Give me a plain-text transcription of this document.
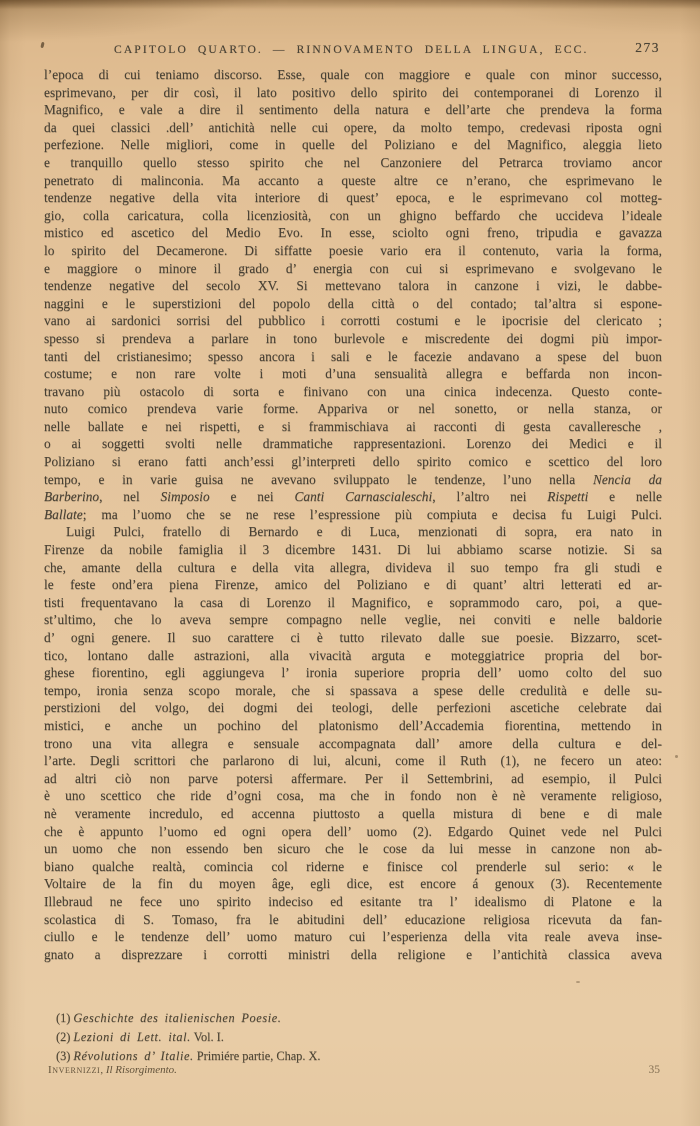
CAPITOLO QUARTO. — RINNOVAMENTO DELLA LINGUA, ECC.	273
l’epoca di cui teniamo discorso. Esse, quale con maggiore e quale con minor successo,
esprimevano, per dir così, il lato positivo dello spirito dei contemporanei di Lorenzo il
Magnifico, e vale a dire il sentimento della natura e dell’arte che prendeva la forma
da quei classici .dell’ antichità nelle cui opere, da molto tempo, credevasi riposta ogni
perfezione. Nelle migliori, come in quelle del Poliziano e del Magnifico, aleggia lieto
e tranquillo quello stesso spirito che nel Canzoniere del Petrarca troviamo ancor
penetrato di malinconia. Ma accanto a queste altre ce n’erano, che esprimevano le
tendenze negative della vita interiore di quest’ epoca, e le esprimevano col motteg-
gio, colla caricatura, colla licenziosità, con un ghigno beffardo che uccideva l’ideale
mistico ed ascetico del Medio Evo. In esse, sciolto ogni freno, tripudia e gavazza
lo spirito del Decamerone. Di siffatte poesie vario era il contenuto, varia la forma,
e maggiore o minore il grado d’ energia con cui si esprimevano e svolgevano le
tendenze negative del secolo XV. Si mettevano talora in canzone i vizi, le dabbe-
naggini e le superstizioni del popolo della città o del contado; tal’altra si espone-
vano ai sardonici sorrisi del pubblico i corrotti costumi e le ipocrisie del clericato ;
spesso si prendeva a parlare in tono burlevole e miscredente dei dogmi più impor-
tanti del cristianesimo; spesso ancora i sali e le facezie andavano a spese del buon
costume; e non rare volte i moti d’una sensualità allegra e beffarda non incon-
travano più ostacolo di sorta e finivano con una cinica indecenza. Questo conte-
nuto comico prendeva varie forme. Appariva or nel sonetto, or nella stanza, or
nelle ballate e nei rispetti, e si frammischiava ai racconti di gesta cavalleresche ,
o ai soggetti svolti nelle drammatiche rappresentazioni. Lorenzo dei Medici e il
Poliziano si erano fatti anch’essi gl’interpreti dello spirito comico e scettico del loro
tempo, e in varie guisa ne avevano sviluppato le tendenze, l’uno nella Nencia da
Barberino, nel Simposio e nei Canti Carnascialeschi, l’altro nei Rispetti e nelle
Ballate; ma l’uomo che se ne rese l’espressione più compiuta e decisa fu Luigi Pulci.
Luigi Pulci, fratello di Bernardo e di Luca, menzionati di sopra, era nato in
Firenze da nobile famiglia il 3 dicembre 1431. Di lui abbiamo scarse notizie. Si sa
che, amante della cultura e della vita allegra, divideva il suo tempo fra gli studi e
le feste ond’era piena Firenze, amico del Poliziano e di quant’ altri letterati ed ar-
tisti frequentavano la casa di Lorenzo il Magnifico, e soprammodo caro, poi, a que-
st’ultimo, che lo aveva sempre compagno nelle veglie, nei conviti e nelle baldorie
d’ ogni genere. Il suo carattere ci è tutto rilevato dalle sue poesie. Bizzarro, scet-
tico, lontano dalle astrazioni, alla vivacità arguta e moteggiatrice propria del bor-
ghese fiorentino, egli aggiungeva l’ ironia superiore propria dell’ uomo colto del suo
tempo, ironia senza scopo morale, che si spassava a spese delle credulità e delle su-
perstizioni del volgo, dei dogmi dei teologi, delle perfezioni ascetiche celebrate dai
mistici, e anche un pochino del platonismo dell’Accademia fiorentina, mettendo in
trono una vita allegra e sensuale accompagnata dall’ amore della cultura e del-
l’arte. Degli scrittori che parlarono di lui, alcuni, come il Ruth (1), ne fecero un ateo:
ad altri ciò non parve potersi affermare. Per il Settembrini, ad esempio, il Pulci
è uno scettico che ride d’ogni cosa, ma che in fondo non è nè veramente religioso,
nè veramente incredulo, ed accenna piuttosto a quella mistura di bene e di male
che è appunto l’uomo ed ogni opera dell’ uomo (2). Edgardo Quinet vede nel Pulci
un uomo che non essendo ben sicuro che le cose da lui messe in canzone non ab-
biano qualche realtà, comincia col riderne e finisce col prenderle sul serio: « le
Voltaire de la fin du moyen âge, egli dice, est encore á genoux (3). Recentemente
Illebraud ne fece uno spirito indeciso ed esitante tra l’ idealismo di Platone e la
scolastica di S. Tomaso, fra le abitudini dell’ educazione religiosa ricevuta da fan-
ciullo e le tendenze dell’ uomo maturo cui l’esperienza della vita reale aveva inse-
gnato a disprezzare i corrotti ministri della religione e l’antichità classica aveva
(1) Geschichte des italienischen Poesie.
(2) Lezioni di Lett. ital. Vol. I.
(3) Révolutions d’ Italie. Primiére partie, Chap. X.
Invernizzi, Il Risorgimento.	35
